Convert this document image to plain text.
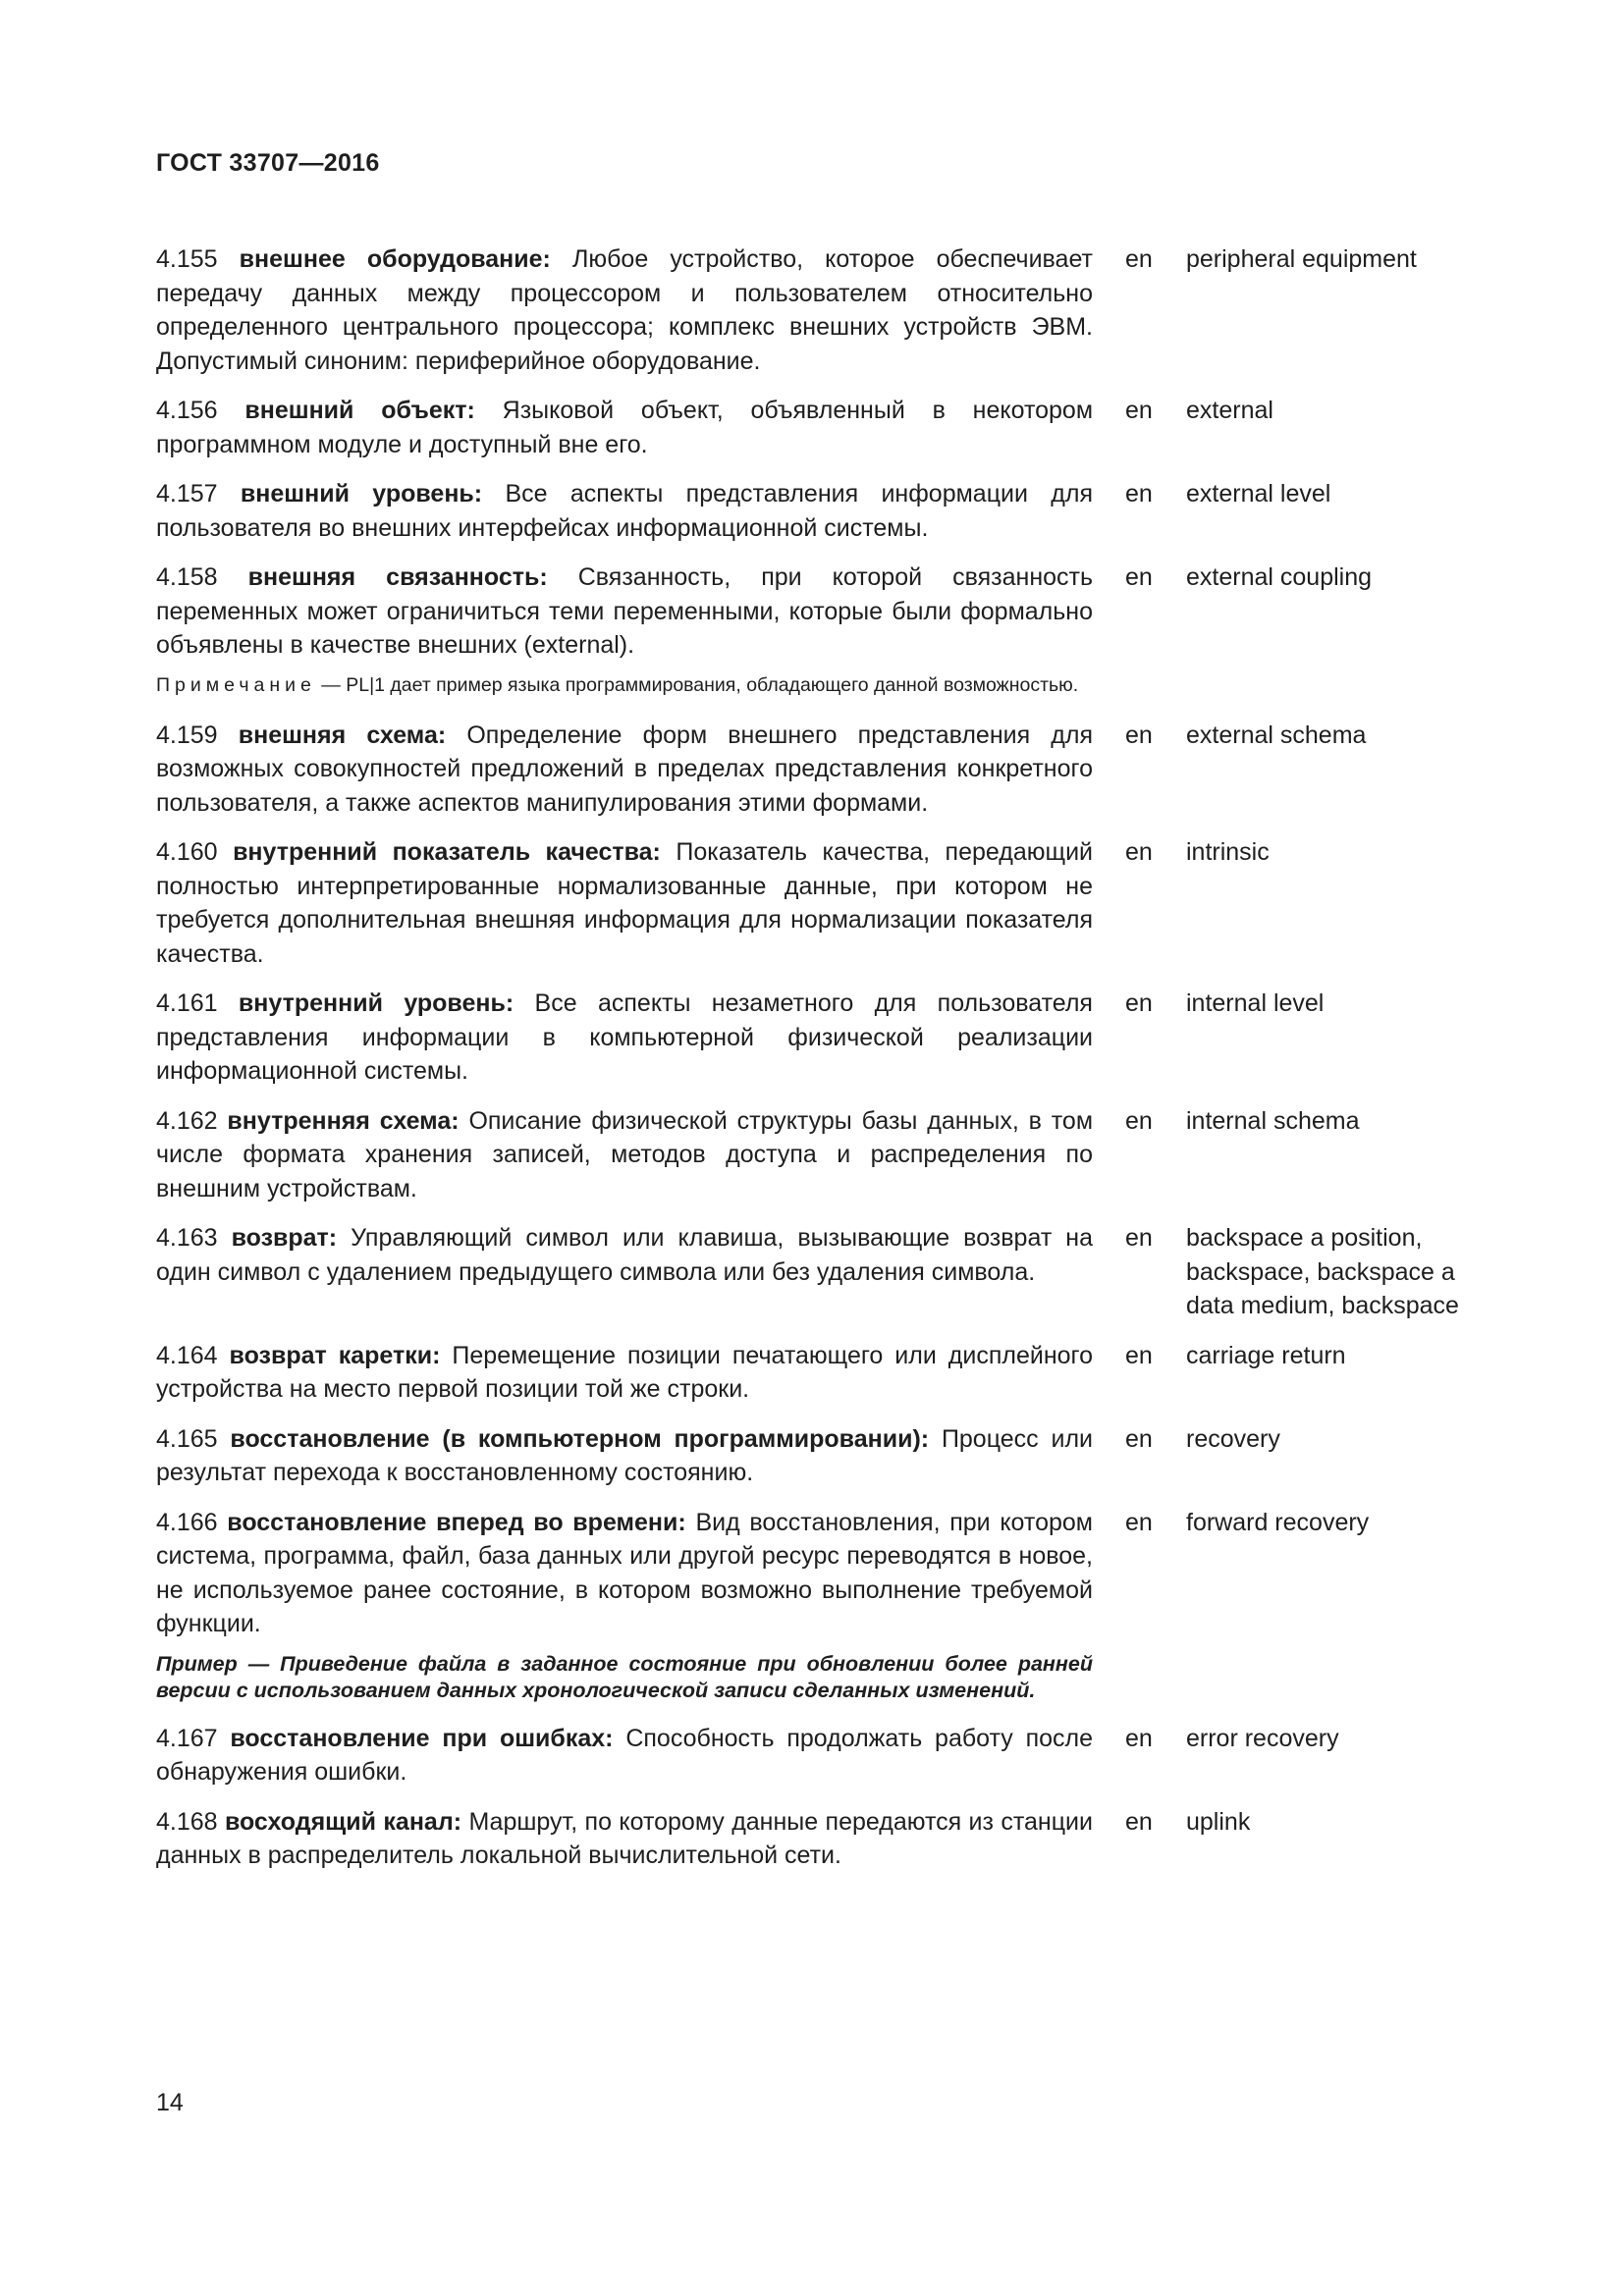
ГОСТ 33707—2016
4.155 внешнее оборудование: Любое устройство, которое обеспечивает передачу данных между процессором и пользователем относительно определенного центрального процессора; комплекс внешних устройств ЭВМ. Допустимый синоним: периферийное оборудование.
en	peripheral equipment
4.156 внешний объект: Языковой объект, объявленный в некотором программном модуле и доступный вне его.
en	external
4.157 внешний уровень: Все аспекты представления информации для пользователя во внешних интерфейсах информационной системы.
en	external level
4.158 внешняя связанность: Связанность, при которой связанность переменных может ограничиться теми переменными, которые были формально объявлены в качестве внешних (external).
en	external coupling
Примечание — PL|1 дает пример языка программирования, обладающего данной возможностью.
4.159 внешняя схема: Определение форм внешнего представления для возможных совокупностей предложений в пределах представления конкретного пользователя, а также аспектов манипулирования этими формами.
en	external schema
4.160 внутренний показатель качества: Показатель качества, передающий полностью интерпретированные нормализованные данные, при котором не требуется дополнительная внешняя информация для нормализации показателя качества.
en	intrinsic
4.161 внутренний уровень: Все аспекты незаметного для пользователя представления информации в компьютерной физической реализации информационной системы.
en	internal level
4.162 внутренняя схема: Описание физической структуры базы данных, в том числе формата хранения записей, методов доступа и распределения по внешним устройствам.
en	internal schema
4.163 возврат: Управляющий символ или клавиша, вызывающие возврат на один символ с удалением предыдущего символа или без удаления символа.
en	backspace a position, backspace, backspace a data medium, backspace
4.164 возврат каретки: Перемещение позиции печатающего или дисплейного устройства на место первой позиции той же строки.
en	carriage return
4.165 восстановление (в компьютерном программировании): Процесс или результат перехода к восстановленному состоянию.
en	recovery
4.166 восстановление вперед во времени: Вид восстановления, при котором система, программа, файл, база данных или другой ресурс переводятся в новое, не используемое ранее состояние, в котором возможно выполнение требуемой функции.
en	forward recovery
Пример — Приведение файла в заданное состояние при обновлении более ранней версии с использованием данных хронологической записи сделанных изменений.
4.167 восстановление при ошибках: Способность продолжать работу после обнаружения ошибки.
en	error recovery
4.168 восходящий канал: Маршрут, по которому данные передаются из станции данных в распределитель локальной вычислительной сети.
en	uplink
14
